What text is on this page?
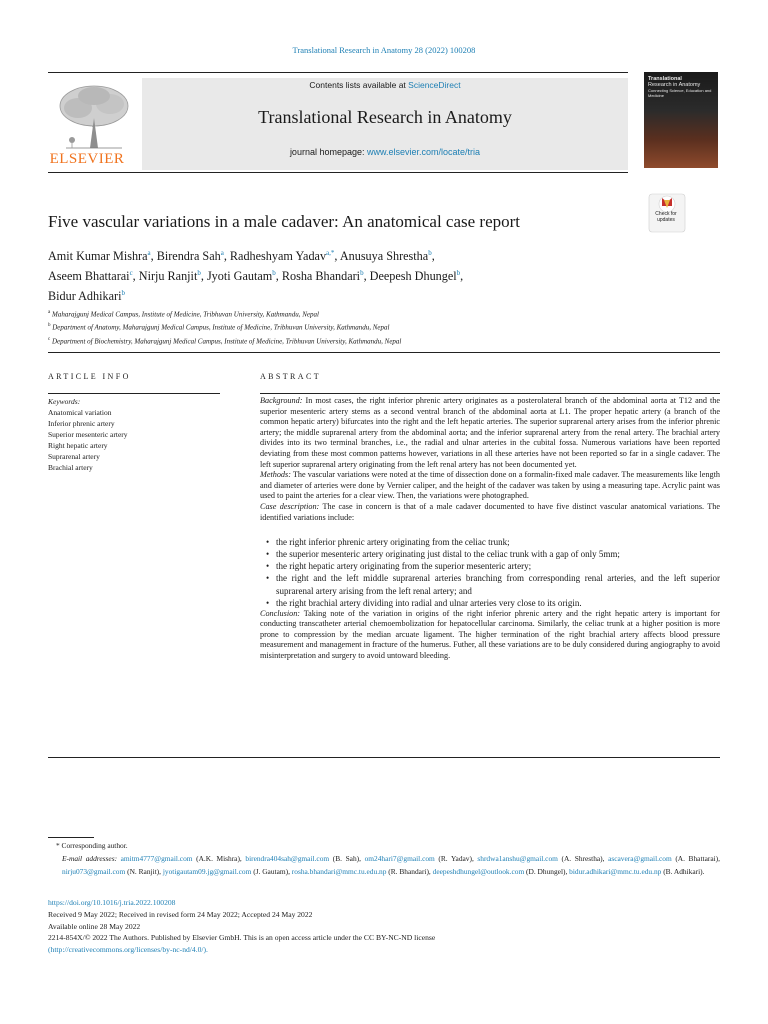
Translational Research in Anatomy 28 (2022) 100208
ELSEVIER
Contents lists available at ScienceDirect
Translational Research in Anatomy
journal homepage: www.elsevier.com/locate/tria
Translational
Research in Anatomy
Connecting Science, Education and Medicine
Five vascular variations in a male cadaver: An anatomical case report	Check for
updates
Amit Kumar Mishra$^a$, Birendra Sah$^a$, Radheshyam Yadav$^{a,*}$, Anusuya Shrestha$^b$,
Aseem Bhattarai$^c$, Nirju Ranjit$^b$, Jyoti Gautam$^b$, Rosha Bhandari$^b$, Deepesh Dhungel$^b$,
Bidur Adhikari$^b$
$^a$ Maharajgunj Medical Campus, Institute of Medicine, Tribhuvan University, Kathmandu, Nepal
$^b$ Department of Anatomy, Maharajgunj Medical Campus, Institute of Medicine, Tribhuvan University, Kathmandu, Nepal
$^c$ Department of Biochemistry, Maharajgunj Medical Campus, Institute of Medicine, Tribhuvan University, Kathmandu, Nepal
ARTICLE INFO
Keywords:
Anatomical variation
Inferior phrenic artery
Superior mesenteric artery
Right hepatic artery
Suprarenal artery
Brachial artery
ABSTRACT

Background: In most cases, the right inferior phrenic artery originates as a posterolateral branch of the abdominal aorta at T12 and the superior mesenteric artery stems as a second ventral branch of the abdominal aorta at L1. The proper hepatic artery (a branch of the common hepatic artery) bifurcates into the right and the left hepatic arteries. The superior suprarenal artery arises from the inferior phrenic artery; the middle suprarenal artery from the abdominal aorta; and the inferior suprarenal artery from the renal artery. The brachial artery divides into its two terminal branches, i.e., the radial and ulnar arteries in the cubital fossa. Numerous variations have been reported deviating from these most common patterns however, variations in all these arteries have not been reported so far in a single cadaver. The left superior suprarenal artery originating from the left renal artery has not been documented yet.

Methods: The vascular variations were noted at the time of dissection done on a formalin-fixed male cadaver. The measurements like length and diameter of arteries were done by Vernier caliper, and the height of the cadaver was taken by using a measuring tape. Acrylic paint was used to paint the arteries for a clear view. Then, the variations were photographed.

Case description: The case in concern is that of a male cadaver documented to have five distinct vascular anatomical variations. The identified variations include:

• the right inferior phrenic artery originating from the celiac trunk;
• the superior mesenteric artery originating just distal to the celiac trunk with a gap of only 5mm;
• the right hepatic artery originating from the superior mesenteric artery;
• the right and the left middle suprarenal arteries branching from corresponding renal arteries, and the left superior suprarenal artery arising from the left renal artery; and
• the right brachial artery dividing into radial and ulnar arteries very close to its origin.

Conclusion: Taking note of the variation in origins of the right inferior phrenic artery and the right hepatic artery is important for conducting transcatheter arterial chemoembolization for hepatocellular carcinoma. Similarly, the celiac trunk at a higher position is more prone to compression by the median arcuate ligament. The higher termination of the right brachial artery affects blood pressure measurement and management in fracture of the humerus. Futher, all these variations are to be duly considered during angiography to avoid misinterpretation and surgery to avoid untoward bleeding.

* Corresponding author.

E-mail addresses: amitm4777@gmail.com (A.K. Mishra), birendra404sah@gmail.com (B. Sah), om24hari7@gmail.com (R. Yadav), shrdwa1anshu@gmail.com (A. Shrestha), ascavera@gmail.com (A. Bhattarai), nirju073@gmail.com (N. Ranjit), jyotigautam09.jg@gmail.com (J. Gautam), rosha.bhandari@mmc.tu.edu.np (R. Bhandari), deepeshdhungel@outlook.com (D. Dhungel), bidur.adhikari@mmc.tu.edu.np (B. Adhikari).

https://doi.org/10.1016/j.tria.2022.100208

Received 9 May 2022; Received in revised form 24 May 2022; Accepted 24 May 2022

Available online 28 May 2022

2214-854X/© 2022 The Authors. Published by Elsevier GmbH. This is an open access article under the CC BY-NC-ND license
(http://creativecommons.org/licenses/by-nc-nd/4.0/).
